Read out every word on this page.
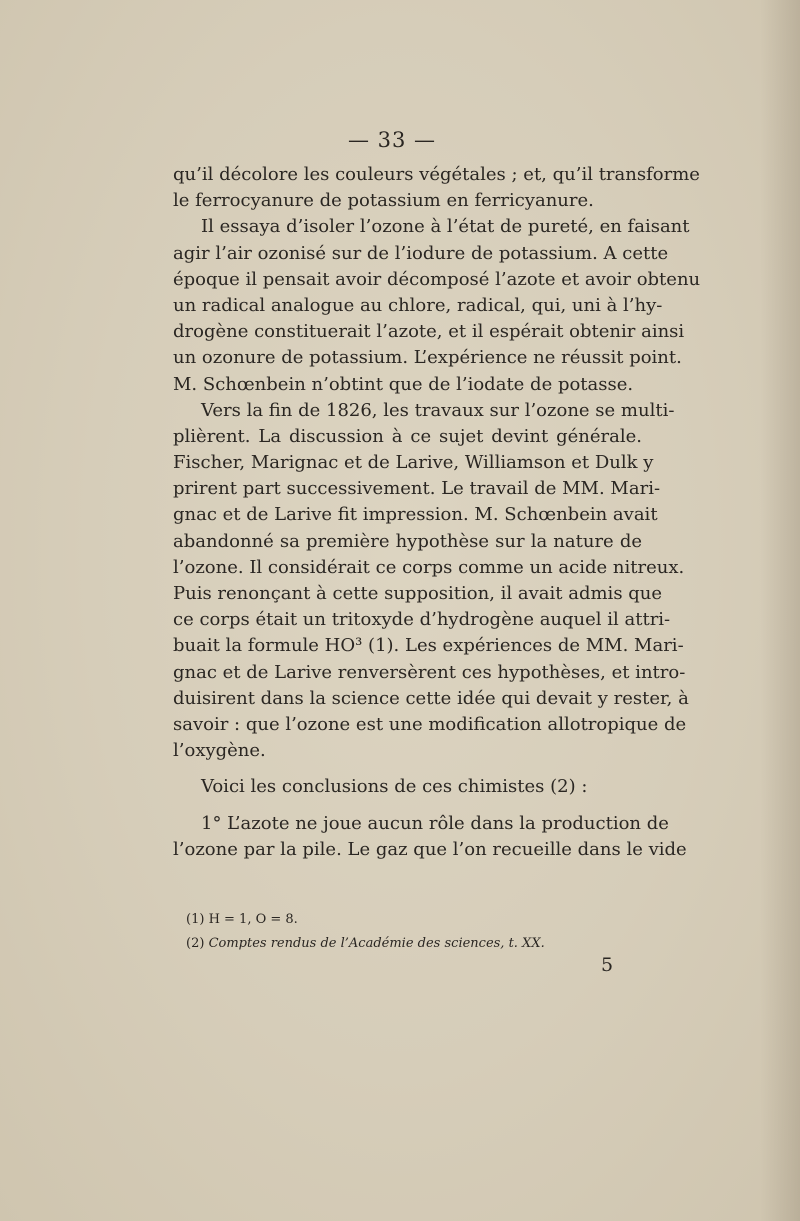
— 33 —
qu’il décolore les couleurs végétales ; et, qu’il transforme
le ferrocyanure de potassium en ferricyanure.
Il essaya d’isoler l’ozone à l’état de pureté, en faisant
agir l’air ozonisé sur de l’iodure de potassium. A cette
époque il pensait avoir décomposé l’azote et avoir obtenu
un radical analogue au chlore, radical, qui, uni à l’hy-
drogène constituerait l’azote, et il espérait obtenir ainsi
un ozonure de potassium. L’expérience ne réussit point.
M. Schœnbein n’obtint que de l’iodate de potasse.
Vers la fin de 1826, les travaux sur l’ozone se multi-
plièrent. La discussion à ce sujet devint générale.
Fischer, Marignac et de Larive, Williamson et Dulk y
prirent part successivement. Le travail de MM. Mari-
gnac et de Larive fit impression. M. Schœnbein avait
abandonné sa première hypothèse sur la nature de
l’ozone. Il considérait ce corps comme un acide nitreux.
Puis renonçant à cette supposition, il avait admis que
ce corps était un tritoxyde d’hydrogène auquel il attri-
buait la formule HO³ (1). Les expériences de MM. Mari-
gnac et de Larive renversèrent ces hypothèses, et intro-
duisirent dans la science cette idée qui devait y rester, à
savoir : que l’ozone est une modification allotropique de
l’oxygène.
Voici les conclusions de ces chimistes (2) :
1° L’azote ne joue aucun rôle dans la production de
l’ozone par la pile. Le gaz que l’on recueille dans le vide
(1) H = 1, O = 8.
(2) Comptes rendus de l’Académie des sciences, t. XX.
5
